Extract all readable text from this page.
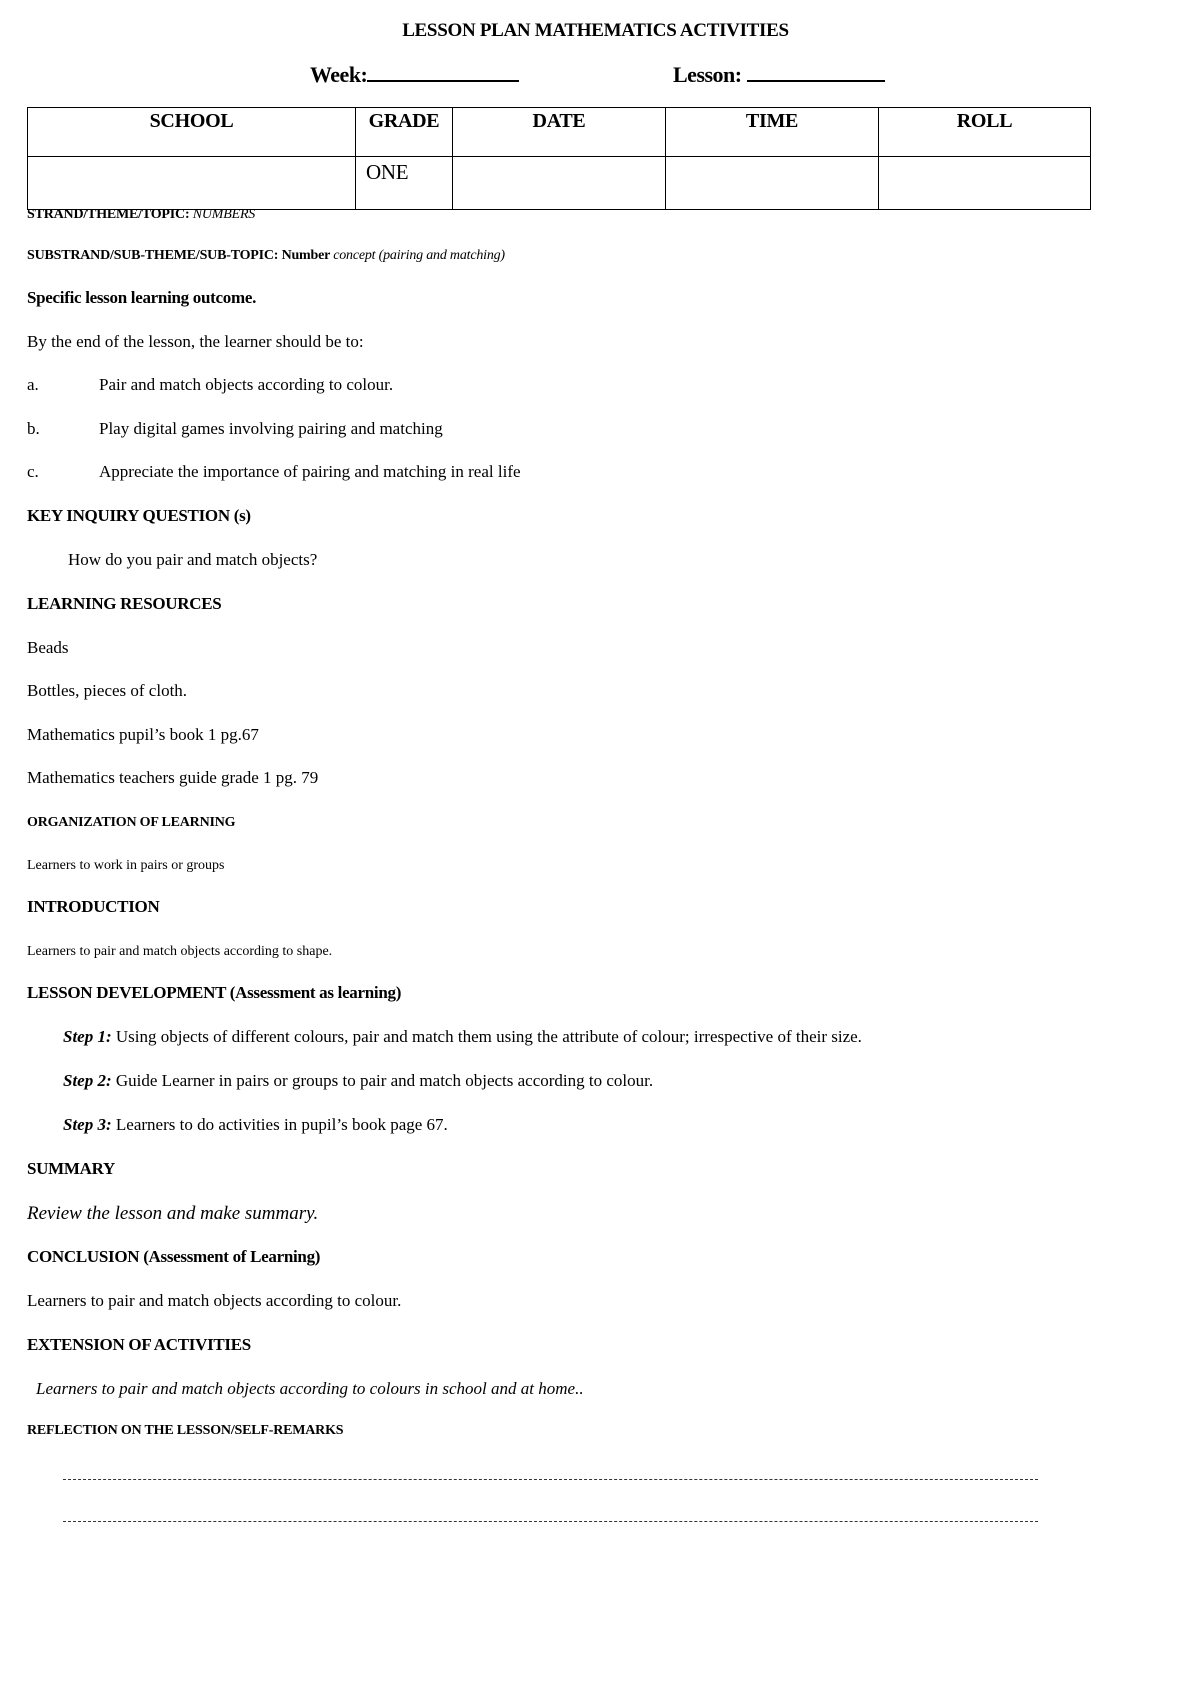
LESSON PLAN MATHEMATICS ACTIVITIES
Week:	Lesson:
SCHOOL	GRADE	DATE	TIME	ROLL
	ONE			
STRAND/THEME/TOPIC: NUMBERS
SUBSTRAND/SUB-THEME/SUB-TOPIC: Number concept (pairing and matching)
Specific lesson learning outcome.
By the end of the lesson, the learner should be to:
a.	Pair and match objects according to colour.
b.	Play digital games involving pairing and matching
c.	Appreciate the importance of pairing and matching in real life
KEY INQUIRY QUESTION (s)
How do you pair and match objects?
LEARNING RESOURCES
Beads
Bottles, pieces of cloth.
Mathematics pupil’s book 1 pg.67
Mathematics teachers guide grade 1 pg. 79
ORGANIZATION OF LEARNING
Learners to work in pairs or groups
INTRODUCTION
Learners to pair and match objects according to shape.
LESSON DEVELOPMENT (Assessment as learning)
Step 1: Using objects of different colours, pair and match them using the attribute of colour; irrespective of their size.
Step 2: Guide Learner in pairs or groups to pair and match objects according to colour.
Step 3: Learners to do activities in pupil’s book page 67.
SUMMARY
Review the lesson and make summary.
CONCLUSION (Assessment of Learning)
Learners to pair and match objects according to colour.
EXTENSION OF ACTIVITIES
Learners to pair and match objects according to colours in school and at home..
REFLECTION ON THE LESSON/SELF-REMARKS
